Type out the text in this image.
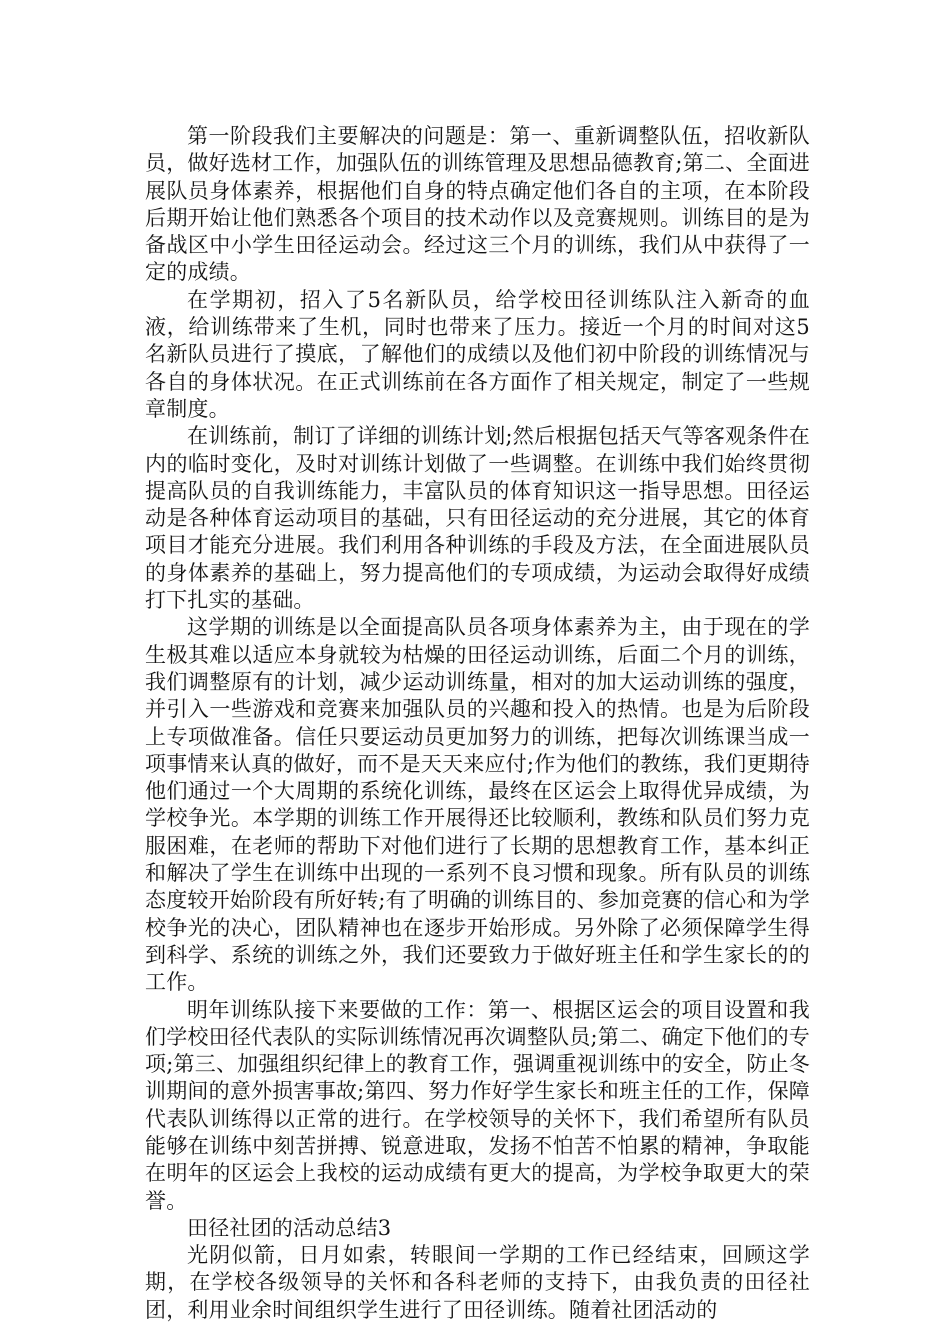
第一阶段我们主要解决的问题是：第一、重新调整队伍，招收新队员，做好选材工作，加强队伍的训练管理及思想品德教育;第二、全面进展队员身体素养，根据他们自身的特点确定他们各自的主项，在本阶段后期开始让他们熟悉各个项目的技术动作以及竞赛规则。训练目的是为备战区中小学生田径运动会。经过这三个月的训练，我们从中获得了一定的成绩。

在学期初，招入了5名新队员，给学校田径训练队注入新奇的血液，给训练带来了生机，同时也带来了压力。接近一个月的时间对这5名新队员进行了摸底，了解他们的成绩以及他们初中阶段的训练情况与各自的身体状况。在正式训练前在各方面作了相关规定，制定了一些规章制度。

在训练前，制订了详细的训练计划;然后根据包括天气等客观条件在内的临时变化，及时对训练计划做了一些调整。在训练中我们始终贯彻提高队员的自我训练能力，丰富队员的体育知识这一指导思想。田径运动是各种体育运动项目的基础，只有田径运动的充分进展，其它的体育项目才能充分进展。我们利用各种训练的手段及方法，在全面进展队员的身体素养的基础上，努力提高他们的专项成绩，为运动会取得好成绩打下扎实的基础。

这学期的训练是以全面提高队员各项身体素养为主，由于现在的学生极其难以适应本身就较为枯燥的田径运动训练，后面二个月的训练，我们调整原有的计划，减少运动训练量，相对的加大运动训练的强度，并引入一些游戏和竞赛来加强队员的兴趣和投入的热情。也是为后阶段上专项做准备。信任只要运动员更加努力的训练，把每次训练课当成一项事情来认真的做好，而不是天天来应付;作为他们的教练，我们更期待他们通过一个大周期的系统化训练，最终在区运会上取得优异成绩，为学校争光。本学期的训练工作开展得还比较顺利，教练和队员们努力克服困难，在老师的帮助下对他们进行了长期的思想教育工作，基本纠正和解决了学生在训练中出现的一系列不良习惯和现象。所有队员的训练态度较开始阶段有所好转;有了明确的训练目的、参加竞赛的信心和为学校争光的决心，团队精神也在逐步开始形成。另外除了必须保障学生得到科学、系统的训练之外，我们还要致力于做好班主任和学生家长的的工作。

明年训练队接下来要做的工作：第一、根据区运会的项目设置和我们学校田径代表队的实际训练情况再次调整队员;第二、确定下他们的专项;第三、加强组织纪律上的教育工作，强调重视训练中的安全，防止冬训期间的意外损害事故;第四、努力作好学生家长和班主任的工作，保障代表队训练得以正常的进行。在学校领导的关怀下，我们希望所有队员能够在训练中刻苦拼搏、锐意进取，发扬不怕苦不怕累的精神，争取能在明年的区运会上我校的运动成绩有更大的提高，为学校争取更大的荣誉。

田径社团的活动总结3

光阴似箭，日月如索，转眼间一学期的工作已经结束，回顾这学期，在学校各级领导的关怀和各科老师的支持下，由我负责的田径社团，利用业余时间组织学生进行了田径训练。随着社团活动的
